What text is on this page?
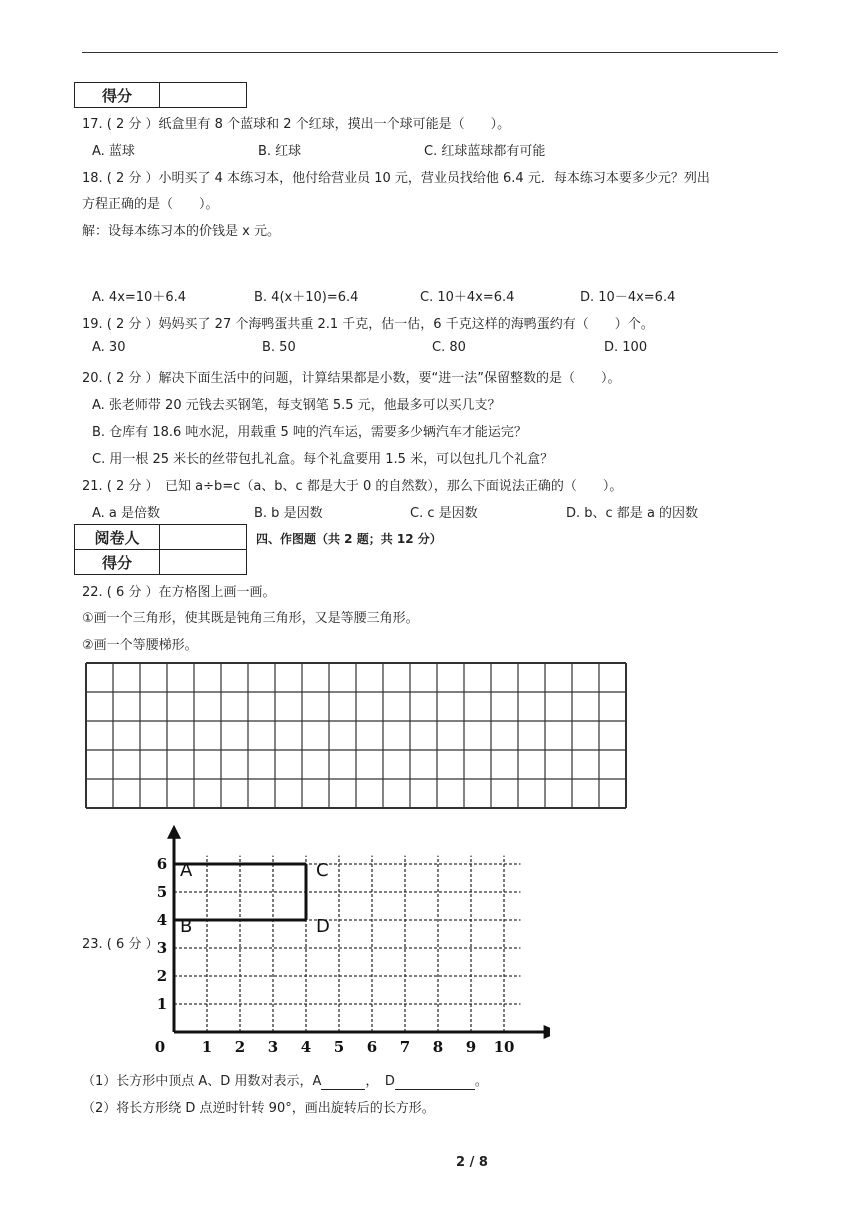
得分	
17. ( 2 分 ）纸盒里有 8 个蓝球和 2 个红球，摸出一个球可能是（　　）。
A. 蓝球	B. 红球	C. 红球蓝球都有可能
18. ( 2 分 ）小明买了 4 本练习本，他付给营业员 10 元，营业员找给他 6.4 元．每本练习本要多少元？列出
方程正确的是（　　）。
解：设每本练习本的价钱是 x 元。
A. 4x=10＋6.4	B. 4(x＋10)=6.4	C. 10＋4x=6.4	D. 10－4x=6.4
19. ( 2 分 ）妈妈买了 27 个海鸭蛋共重 2.1 千克，估一估，6 千克这样的海鸭蛋约有（　　）个。
A. 30	B. 50	C. 80	D. 100
20. ( 2 分 ）解决下面生活中的问题，计算结果都是小数，要“进一法”保留整数的是（　　）。
A. 张老师带 20 元钱去买钢笔，每支钢笔 5.5 元，他最多可以买几支？
B. 仓库有 18.6 吨水泥，用载重 5 吨的汽车运，需要多少辆汽车才能运完？
C. 用一根 25 米长的丝带包扎礼盒。每个礼盒要用 1.5 米，可以包扎几个礼盒？
21. ( 2 分 ）　已知 a÷b=c（a、b、c 都是大于 0 的自然数），那么下面说法正确的（　　）。
A. a 是倍数	B. b 是因数	C. c 是因数	D. b、c 都是 a 的因数
阅卷人	
得分	
四、作图题（共 2 题；共 12 分）
22. ( 6 分 ）在方格图上画一画。
①画一个三角形，使其既是钝角三角形，又是等腰三角形。
②画一个等腰梯形。
23. ( 6 分 ）
0 1 2 3 4 5 6 7 8 9 10
1
2
3
4
5
6 A	C
B	D
（1）长方形中顶点 A、D 用数对表示，A	，　D	。
（2）将长方形绕 D 点逆时针转 90°，画出旋转后的长方形。
2 / 8
